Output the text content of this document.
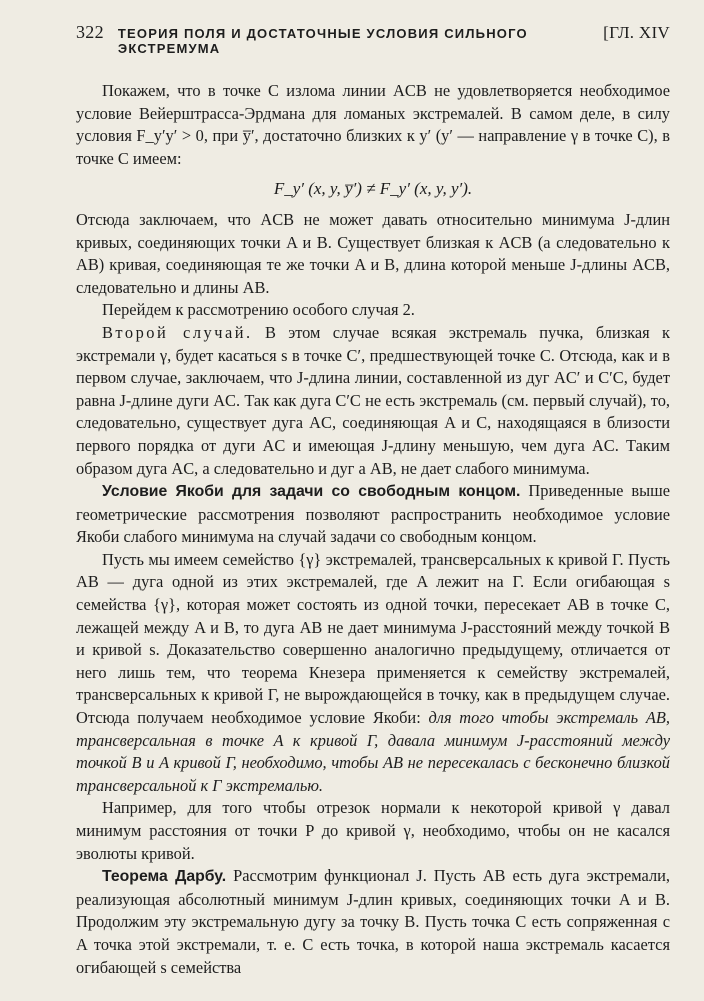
322 ТЕОРИЯ ПОЛЯ И ДОСТАТОЧНЫЕ УСЛОВИЯ СИЛЬНОГО ЭКСТРЕМУМА
[ГЛ. XIV

Покажем, что в точке C излома линии ACB не удовлетворяется необходимое условие Вейерштрасса-Эрдмана для ломаных экстремалей. В самом деле, в силу условия F_y′y′ > 0, при y̅′, достаточно близких к y′ (y′ — направление γ в точке C), в точке C имеем:

F_y′ (x, y, y̅′) ≠ F_y′ (x, y, y′).

Отсюда заключаем, что ACB не может давать относительно минимума J-длин кривых, соединяющих точки A и B. Существует близкая к ACB (а следовательно к AB) кривая, соединяющая те же точки A и B, длина которой меньше J-длины ACB, следовательно и длины AB.

Перейдем к рассмотрению особого случая 2.

Второй случай. В этом случае всякая экстремаль пучка, близкая к экстремали γ, будет касаться s в точке C′, предшествующей точке C. Отсюда, как и в первом случае, заключаем, что J-длина линии, составленной из дуг AC′ и C′C, будет равна J-длине дуги AC. Так как дуга C′C не есть экстремаль (см. первый случай), то, следовательно, существует дуга AC, соединяющая A и C, находящаяся в близости первого порядка от дуги AC и имеющая J-длину меньшую, чем дуга AC. Таким образом дуга AC, а следовательно и дуг а AB, не дает слабого минимума.

Условие Якоби для задачи со свободным концом. Приведенные выше геометрические рассмотрения позволяют распространить необходимое условие Якоби слабого минимума на случай задачи со свободным концом.

Пусть мы имеем семейство {γ} экстремалей, трансверсальных к кривой Γ. Пусть AB — дуга одной из этих экстремалей, где A лежит на Γ. Если огибающая s семейства {γ}, которая может состоять из одной точки, пересекает AB в точке C, лежащей между A и B, то дуга AB не дает минимума J-расстояний между точкой B и кривой s. Доказательство совершенно аналогично предыдущему, отличается от него лишь тем, что теорема Кнезера применяется к семейству экстремалей, трансверсальных к кривой Γ, не вырождающейся в точку, как в предыдущем случае. Отсюда получаем необходимое условие Якоби: для того чтобы экстремаль AB, трансверсальная в точке A к кривой Γ, давала минимум J-расстояний между точкой B и A кривой Γ, необходимо, чтобы AB не пересекалась с бесконечно близкой трансверсальной к Γ экстремалью.

Например, для того чтобы отрезок нормали к некоторой кривой γ давал минимум расстояния от точки P до кривой γ, необходимо, чтобы он не касался эволюты кривой.

Теорема Дарбу. Рассмотрим функционал J. Пусть AB есть дуга экстремали, реализующая абсолютный минимум J-длин кривых, соединяющих точки A и B. Продолжим эту экстремальную дугу за точку B. Пусть точка C есть сопряженная с A точка этой экстремали, т. е. C есть точка, в которой наша экстремаль касается огибающей s семейства
